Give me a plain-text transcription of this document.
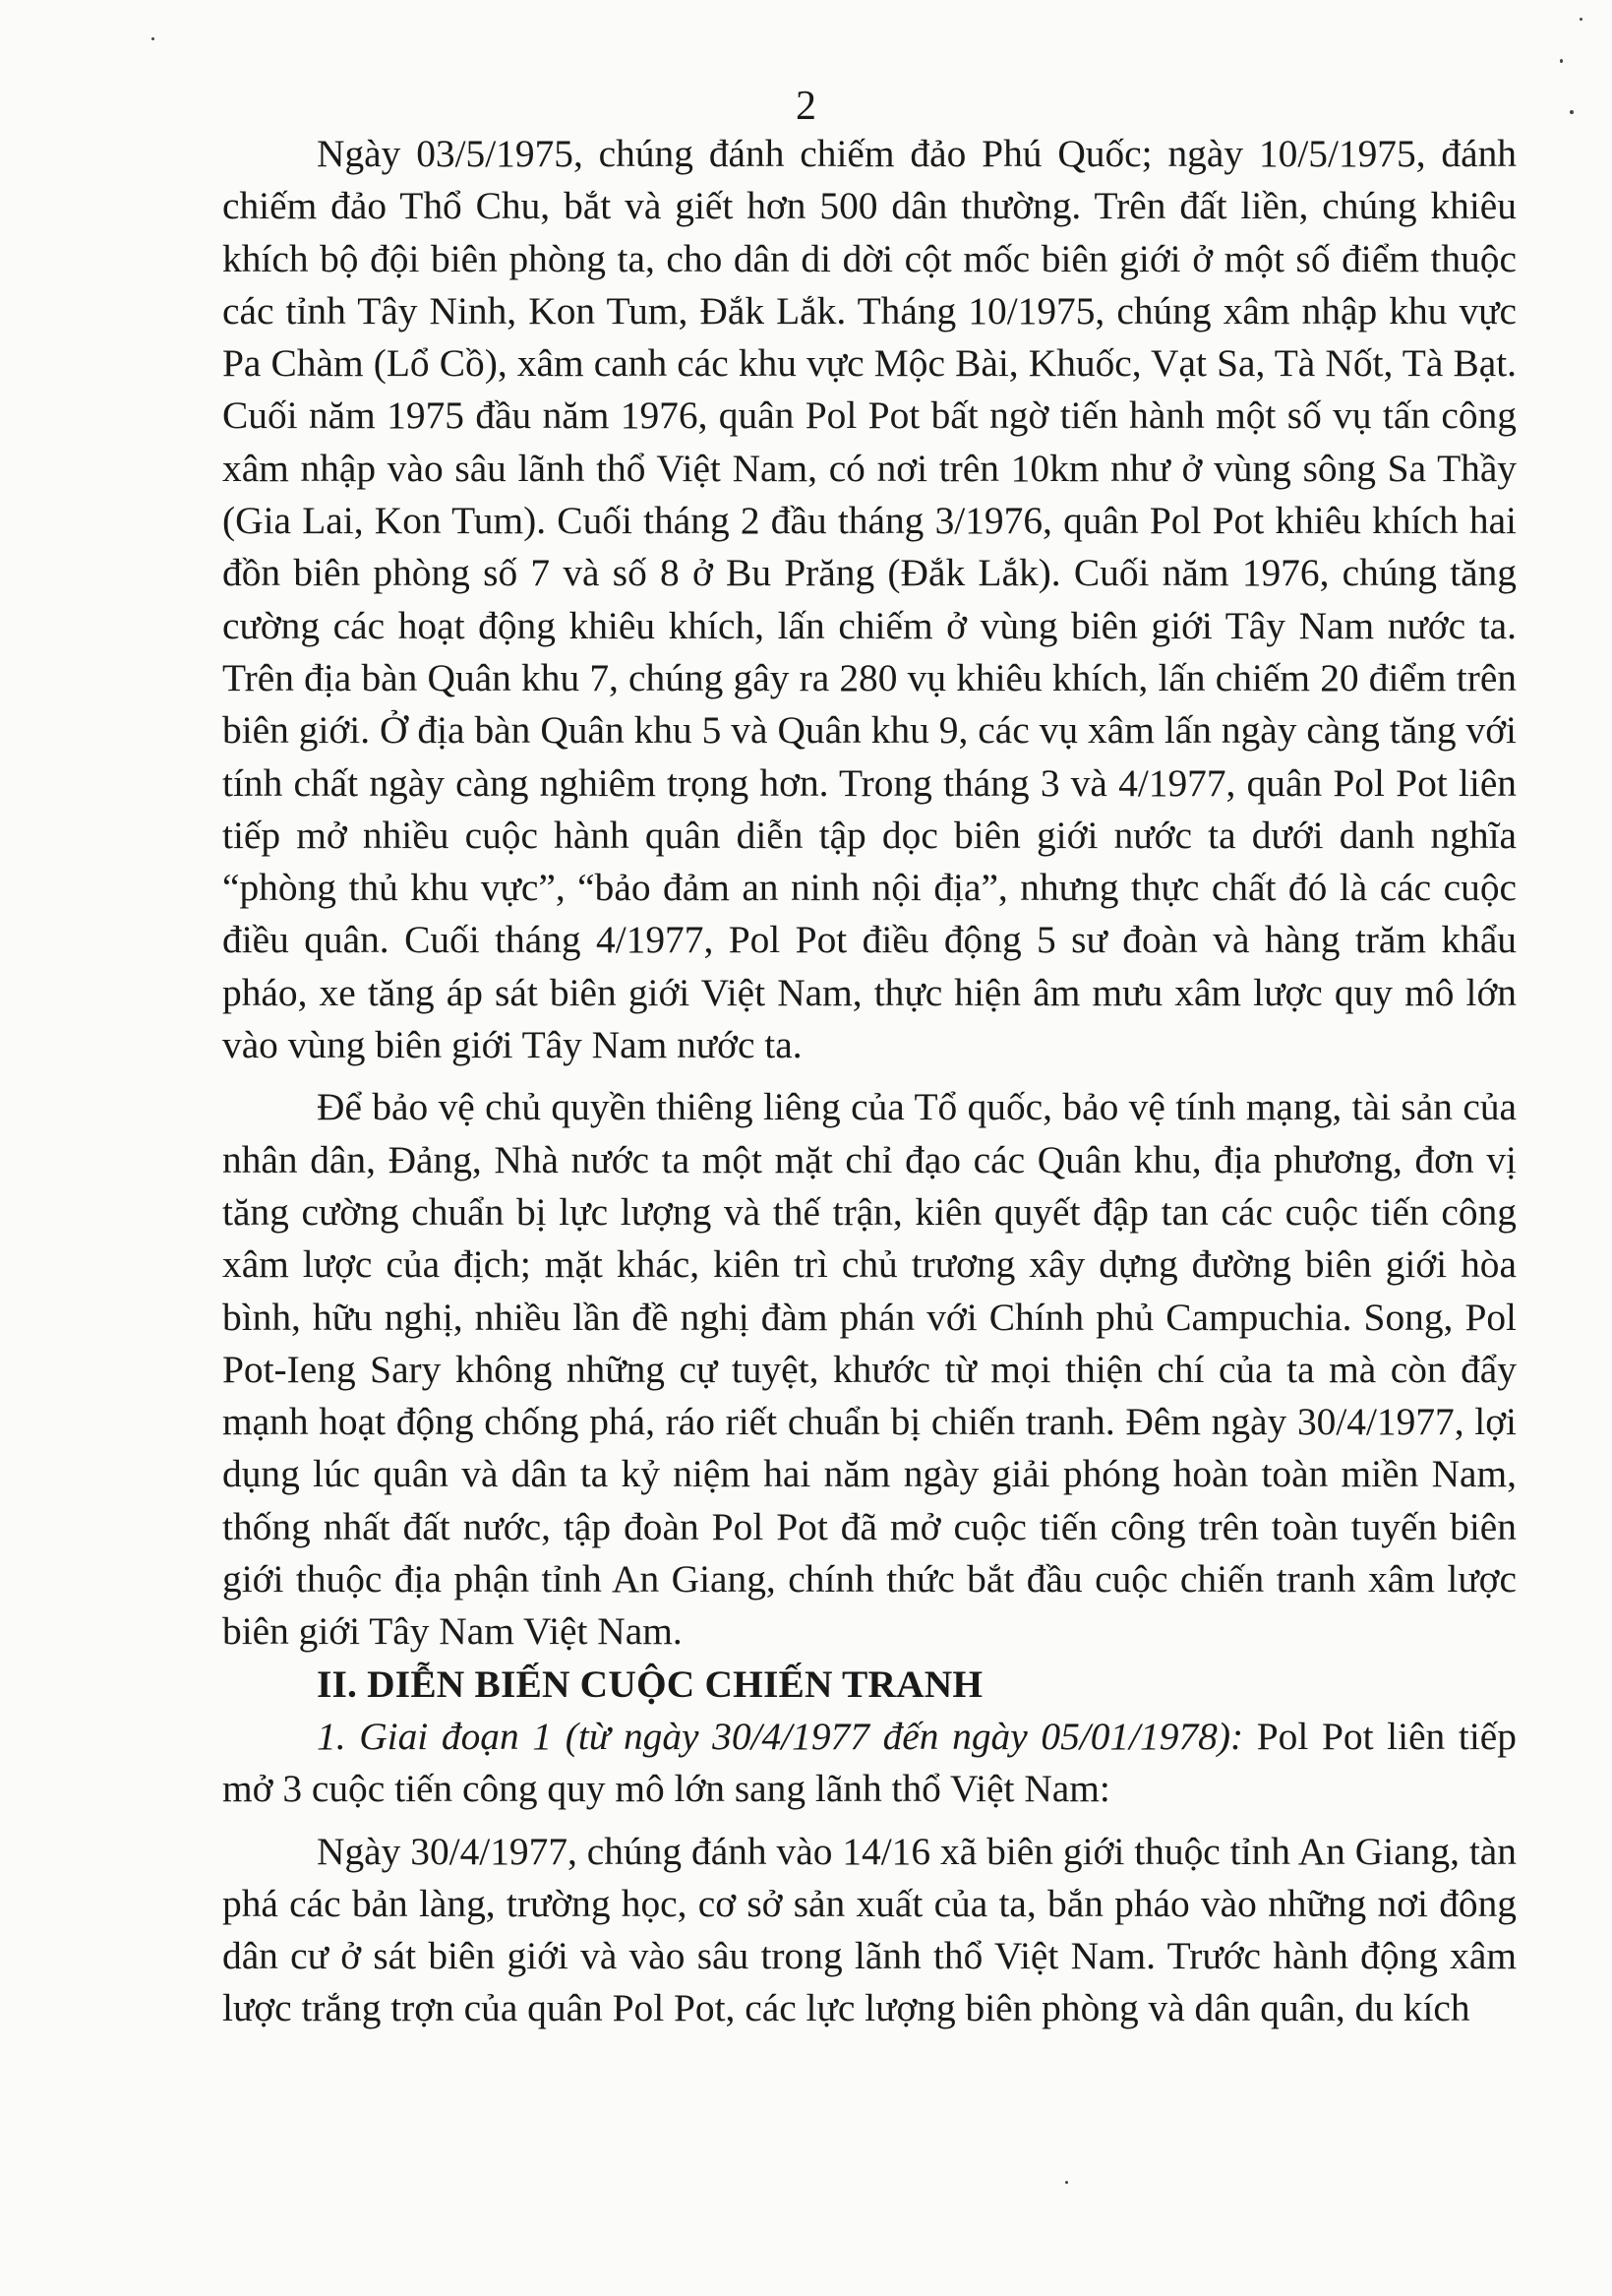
2

Ngày 03/5/1975, chúng đánh chiếm đảo Phú Quốc; ngày 10/5/1975, đánh chiếm đảo Thổ Chu, bắt và giết hơn 500 dân thường. Trên đất liền, chúng khiêu khích bộ đội biên phòng ta, cho dân di dời cột mốc biên giới ở một số điểm thuộc các tỉnh Tây Ninh, Kon Tum, Đắk Lắk. Tháng 10/1975, chúng xâm nhập khu vực Pa Chàm (Lổ Cồ), xâm canh các khu vực Mộc Bài, Khuốc, Vạt Sa, Tà Nốt, Tà Bạt. Cuối năm 1975 đầu năm 1976, quân Pol Pot bất ngờ tiến hành một số vụ tấn công xâm nhập vào sâu lãnh thổ Việt Nam, có nơi trên 10km như ở vùng sông Sa Thầy (Gia Lai, Kon Tum). Cuối tháng 2 đầu tháng 3/1976, quân Pol Pot khiêu khích hai đồn biên phòng số 7 và số 8 ở Bu Prăng (Đắk Lắk). Cuối năm 1976, chúng tăng cường các hoạt động khiêu khích, lấn chiếm ở vùng biên giới Tây Nam nước ta. Trên địa bàn Quân khu 7, chúng gây ra 280 vụ khiêu khích, lấn chiếm 20 điểm trên biên giới. Ở địa bàn Quân khu 5 và Quân khu 9, các vụ xâm lấn ngày càng tăng với tính chất ngày càng nghiêm trọng hơn. Trong tháng 3 và 4/1977, quân Pol Pot liên tiếp mở nhiều cuộc hành quân diễn tập dọc biên giới nước ta dưới danh nghĩa “phòng thủ khu vực”, “bảo đảm an ninh nội địa”, nhưng thực chất đó là các cuộc điều quân. Cuối tháng 4/1977, Pol Pot điều động 5 sư đoàn và hàng trăm khẩu pháo, xe tăng áp sát biên giới Việt Nam, thực hiện âm mưu xâm lược quy mô lớn vào vùng biên giới Tây Nam nước ta.

Để bảo vệ chủ quyền thiêng liêng của Tổ quốc, bảo vệ tính mạng, tài sản của nhân dân, Đảng, Nhà nước ta một mặt chỉ đạo các Quân khu, địa phương, đơn vị tăng cường chuẩn bị lực lượng và thế trận, kiên quyết đập tan các cuộc tiến công xâm lược của địch; mặt khác, kiên trì chủ trương xây dựng đường biên giới hòa bình, hữu nghị, nhiều lần đề nghị đàm phán với Chính phủ Campuchia. Song, Pol Pot-Ieng Sary không những cự tuyệt, khước từ mọi thiện chí của ta mà còn đẩy mạnh hoạt động chống phá, ráo riết chuẩn bị chiến tranh. Đêm ngày 30/4/1977, lợi dụng lúc quân và dân ta kỷ niệm hai năm ngày giải phóng hoàn toàn miền Nam, thống nhất đất nước, tập đoàn Pol Pot đã mở cuộc tiến công trên toàn tuyến biên giới thuộc địa phận tỉnh An Giang, chính thức bắt đầu cuộc chiến tranh xâm lược biên giới Tây Nam Việt Nam.

II. DIỄN BIẾN CUỘC CHIẾN TRANH

1. Giai đoạn 1 (từ ngày 30/4/1977 đến ngày 05/01/1978): Pol Pot liên tiếp mở 3 cuộc tiến công quy mô lớn sang lãnh thổ Việt Nam:

Ngày 30/4/1977, chúng đánh vào 14/16 xã biên giới thuộc tỉnh An Giang, tàn phá các bản làng, trường học, cơ sở sản xuất của ta, bắn pháo vào những nơi đông dân cư ở sát biên giới và vào sâu trong lãnh thổ Việt Nam. Trước hành động xâm lược trắng trợn của quân Pol Pot, các lực lượng biên phòng và dân quân, du kích
